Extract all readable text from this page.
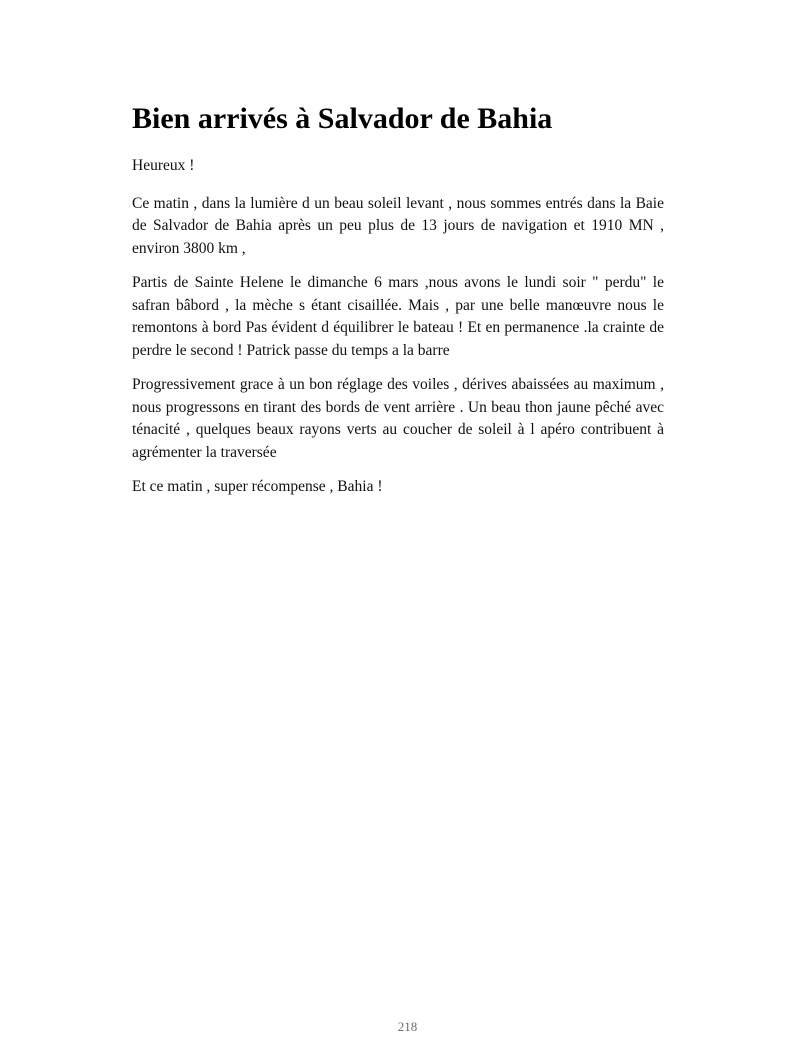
Bien arrivés à Salvador de Bahia

Heureux !

Ce matin , dans la lumière d un beau soleil levant , nous sommes entrés dans la Baie de Salvador de Bahia après un peu plus de 13 jours de navigation et 1910 MN , environ 3800 km ,

Partis de Sainte Helene le dimanche 6 mars ,nous avons le lundi soir " perdu" le safran bâbord , la mèche s étant cisaillée. Mais , par une belle manœuvre nous le remontons à bord Pas évident d équilibrer le bateau ! Et en permanence .la crainte de perdre le second ! Patrick passe du temps a la barre

Progressivement grace à un bon réglage des voiles , dérives abaissées au maximum , nous progressons en tirant des bords de vent arrière . Un beau thon jaune pêché avec ténacité , quelques beaux rayons verts au coucher de soleil à l apéro contribuent à agrémenter la traversée

Et ce matin , super récompense , Bahia !

218
